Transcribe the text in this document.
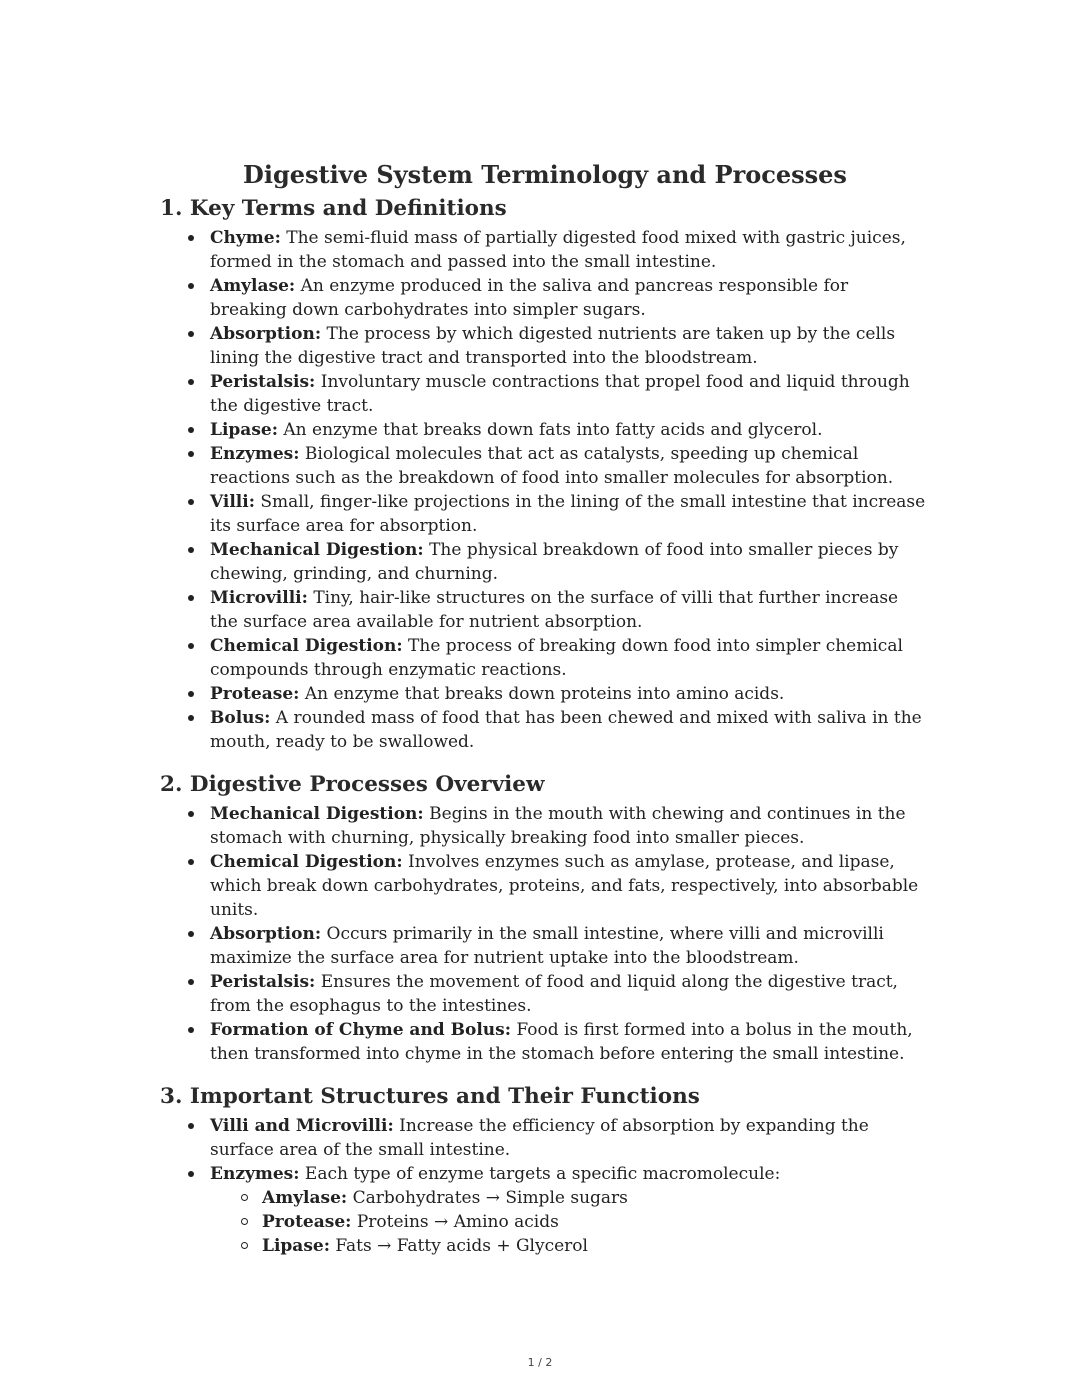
Digestive System Terminology and Processes
1. Key Terms and Definitions
Chyme: The semi-fluid mass of partially digested food mixed with gastric juices, formed in the stomach and passed into the small intestine.
Amylase: An enzyme produced in the saliva and pancreas responsible for breaking down carbohydrates into simpler sugars.
Absorption: The process by which digested nutrients are taken up by the cells lining the digestive tract and transported into the bloodstream.
Peristalsis: Involuntary muscle contractions that propel food and liquid through the digestive tract.
Lipase: An enzyme that breaks down fats into fatty acids and glycerol.
Enzymes: Biological molecules that act as catalysts, speeding up chemical reactions such as the breakdown of food into smaller molecules for absorption.
Villi: Small, finger-like projections in the lining of the small intestine that increase its surface area for absorption.
Mechanical Digestion: The physical breakdown of food into smaller pieces by chewing, grinding, and churning.
Microvilli: Tiny, hair-like structures on the surface of villi that further increase the surface area available for nutrient absorption.
Chemical Digestion: The process of breaking down food into simpler chemical compounds through enzymatic reactions.
Protease: An enzyme that breaks down proteins into amino acids.
Bolus: A rounded mass of food that has been chewed and mixed with saliva in the mouth, ready to be swallowed.
2. Digestive Processes Overview
Mechanical Digestion: Begins in the mouth with chewing and continues in the stomach with churning, physically breaking food into smaller pieces.
Chemical Digestion: Involves enzymes such as amylase, protease, and lipase, which break down carbohydrates, proteins, and fats, respectively, into absorbable units.
Absorption: Occurs primarily in the small intestine, where villi and microvilli maximize the surface area for nutrient uptake into the bloodstream.
Peristalsis: Ensures the movement of food and liquid along the digestive tract, from the esophagus to the intestines.
Formation of Chyme and Bolus: Food is first formed into a bolus in the mouth, then transformed into chyme in the stomach before entering the small intestine.
3. Important Structures and Their Functions
Villi and Microvilli: Increase the efficiency of absorption by expanding the surface area of the small intestine.
Enzymes: Each type of enzyme targets a specific macromolecule:
Amylase: Carbohydrates → Simple sugars
Protease: Proteins → Amino acids
Lipase: Fats → Fatty acids + Glycerol
1 / 2
